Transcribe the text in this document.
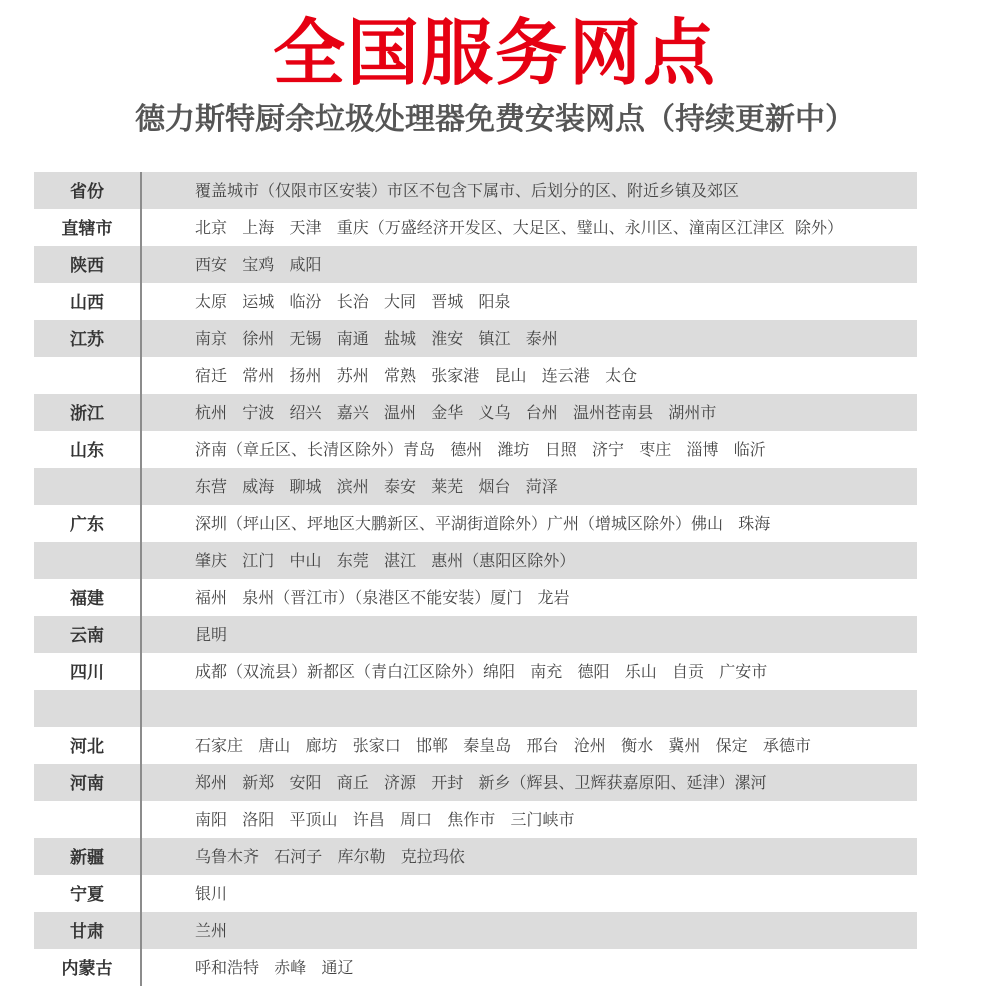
全国服务网点
德力斯特厨余垃圾处理器免费安装网点（持续更新中）
省份	覆盖城市（仅限市区安装）市区不包含下属市、后划分的区、附近乡镇及郊区
直辖市	北京   上海   天津   重庆（万盛经济开发区、大足区、璧山、永川区、潼南区江津区  除外）
陕西	西安   宝鸡   咸阳
山西	太原   运城   临汾   长治   大同   晋城   阳泉
江苏	南京   徐州   无锡   南通   盐城   淮安   镇江   泰州
宿迁   常州   扬州   苏州   常熟   张家港   昆山   连云港   太仓
浙江	杭州   宁波   绍兴   嘉兴   温州   金华   义乌   台州   温州苍南县   湖州市
山东	济南（章丘区、长清区除外）青岛   德州   潍坊   日照   济宁   枣庄   淄博   临沂
东营   威海   聊城   滨州   泰安   莱芜   烟台   菏泽
广东	深圳（坪山区、坪地区大鹏新区、平湖街道除外）广州（增城区除外）佛山   珠海
肇庆   江门   中山   东莞   湛江   惠州（惠阳区除外）
福建	福州   泉州（晋江市）（泉港区不能安装）厦门   龙岩
云南	昆明
四川	成都（双流县）新都区（青白江区除外）绵阳   南充   德阳   乐山   自贡   广安市
河北	石家庄   唐山   廊坊   张家口   邯郸   秦皇岛   邢台   沧州   衡水   冀州   保定   承德市
河南	郑州   新郑   安阳   商丘   济源   开封   新乡（辉县、卫辉获嘉原阳、延津）漯河
南阳   洛阳   平顶山   许昌   周口   焦作市   三门峡市
新疆	乌鲁木齐   石河子   库尔勒   克拉玛依
宁夏	银川
甘肃	兰州
内蒙古	呼和浩特   赤峰   通辽
